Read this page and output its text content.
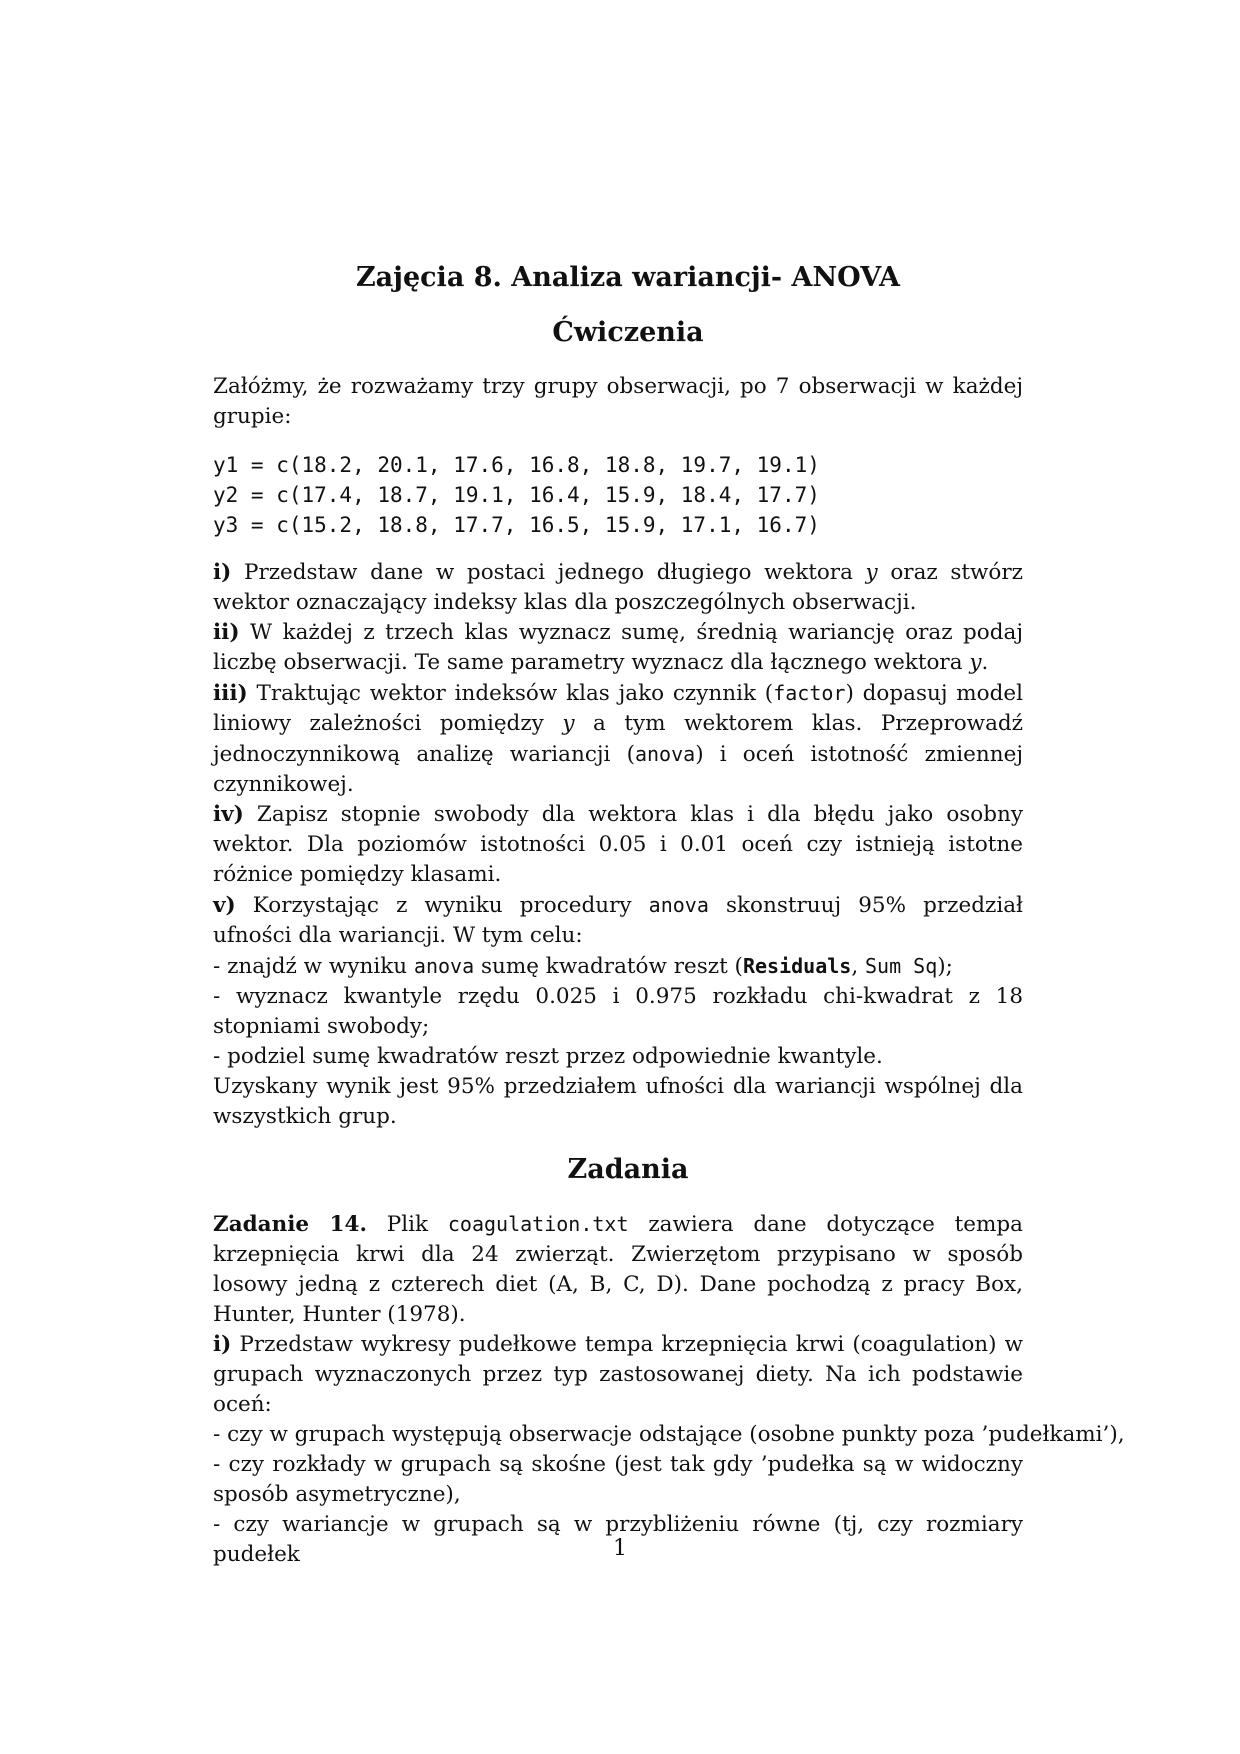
Zajęcia 8. Analiza wariancji- ANOVA
Ćwiczenia

Załóżmy, że rozważamy trzy grupy obserwacji, po 7 obserwacji w każdej grupie:

y1 = c(18.2, 20.1, 17.6, 16.8, 18.8, 19.7, 19.1)
y2 = c(17.4, 18.7, 19.1, 16.4, 15.9, 18.4, 17.7)
y3 = c(15.2, 18.8, 17.7, 16.5, 15.9, 17.1, 16.7)

i) Przedstaw dane w postaci jednego długiego wektora y oraz stwórz wektor oznaczający indeksy klas dla poszczególnych obserwacji.

ii) W każdej z trzech klas wyznacz sumę, średnią wariancję oraz podaj liczbę obserwacji. Te same parametry wyznacz dla łącznego wektora y.

iii) Traktując wektor indeksów klas jako czynnik (factor) dopasuj model liniowy zależności pomiędzy y a tym wektorem klas. Przeprowadź jednoczynnikową analizę wariancji (anova) i oceń istotność zmiennej czynnikowej.

iv) Zapisz stopnie swobody dla wektora klas i dla błędu jako osobny wektor. Dla poziomów istotności 0.05 i 0.01 oceń czy istnieją istotne różnice pomiędzy klasami.

v) Korzystając z wyniku procedury anova skonstruuj 95% przedział ufności dla wariancji. W tym celu:

- znajdź w wyniku anova sumę kwadratów reszt (Residuals, Sum Sq);

- wyznacz kwantyle rzędu 0.025 i 0.975 rozkładu chi-kwadrat z 18 stopniami swobody;

- podziel sumę kwadratów reszt przez odpowiednie kwantyle.

Uzyskany wynik jest 95% przedziałem ufności dla wariancji wspólnej dla wszystkich grup.

Zadania

Zadanie 14. Plik coagulation.txt zawiera dane dotyczące tempa krzepnięcia krwi dla 24 zwierząt. Zwierzętom przypisano w sposób losowy jedną z czterech diet (A, B, C, D). Dane pochodzą z pracy Box, Hunter, Hunter (1978).

i) Przedstaw wykresy pudełkowe tempa krzepnięcia krwi (coagulation) w grupach wyznaczonych przez typ zastosowanej diety. Na ich podstawie oceń:

- czy w grupach występują obserwacje odstające (osobne punkty poza ’pudełkami’),

- czy rozkłady w grupach są skośne (jest tak gdy ’pudełka są w widoczny sposób asymetryczne),

- czy wariancje w grupach są w przybliżeniu równe (tj, czy rozmiary pudełek	1
